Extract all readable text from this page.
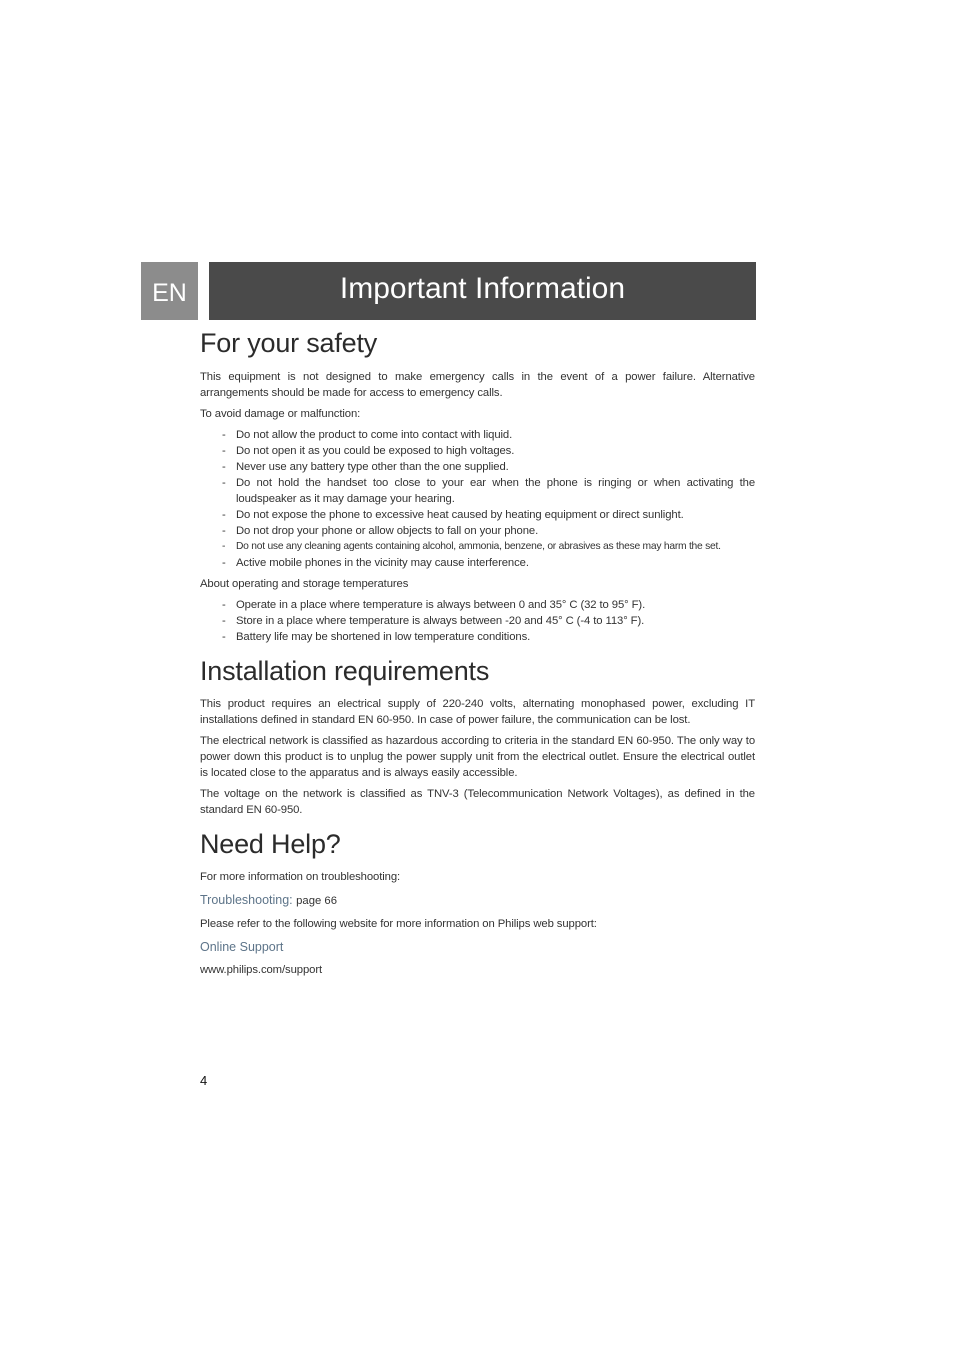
EN	Important Information
For your safety

This equipment is not designed to make emergency calls in the event of a power failure. Alternative arrangements should be made for access to emergency calls.

To avoid damage or malfunction:

- Do not allow the product to come into contact with liquid.
- Do not open it as you could be exposed to high voltages.
- Never use any battery type other than the one supplied.
- Do not hold the handset too close to your ear when the phone is ringing or when activating the loudspeaker as it may damage your hearing.
- Do not expose the phone to excessive heat caused by heating equipment or direct sunlight.
- Do not drop your phone or allow objects to fall on your phone.
- Do not use any cleaning agents containing alcohol, ammonia, benzene, or abrasives as these may harm the set.
- Active mobile phones in the vicinity may cause interference.

About operating and storage temperatures

- Operate in a place where temperature is always between 0 and 35° C (32 to 95° F).
- Store in a place where temperature is always between -20 and 45° C (-4 to 113° F).
- Battery life may be shortened in low temperature conditions.
Installation requirements

This product requires an electrical supply of 220-240 volts, alternating monophased power, excluding IT installations defined in standard EN 60-950. In case of power failure, the communication can be lost.

The electrical network is classified as hazardous according to criteria in the standard EN 60-950. The only way to power down this product is to unplug the power supply unit from the electrical outlet. Ensure the electrical outlet is located close to the apparatus and is always easily accessible.

The voltage on the network is classified as TNV-3 (Telecommunication Network Voltages), as defined in the standard EN 60-950.

Need Help?

For more information on troubleshooting:

Troubleshooting: page 66

Please refer to the following website for more information on Philips web support:

Online Support

www.philips.com/support

4
